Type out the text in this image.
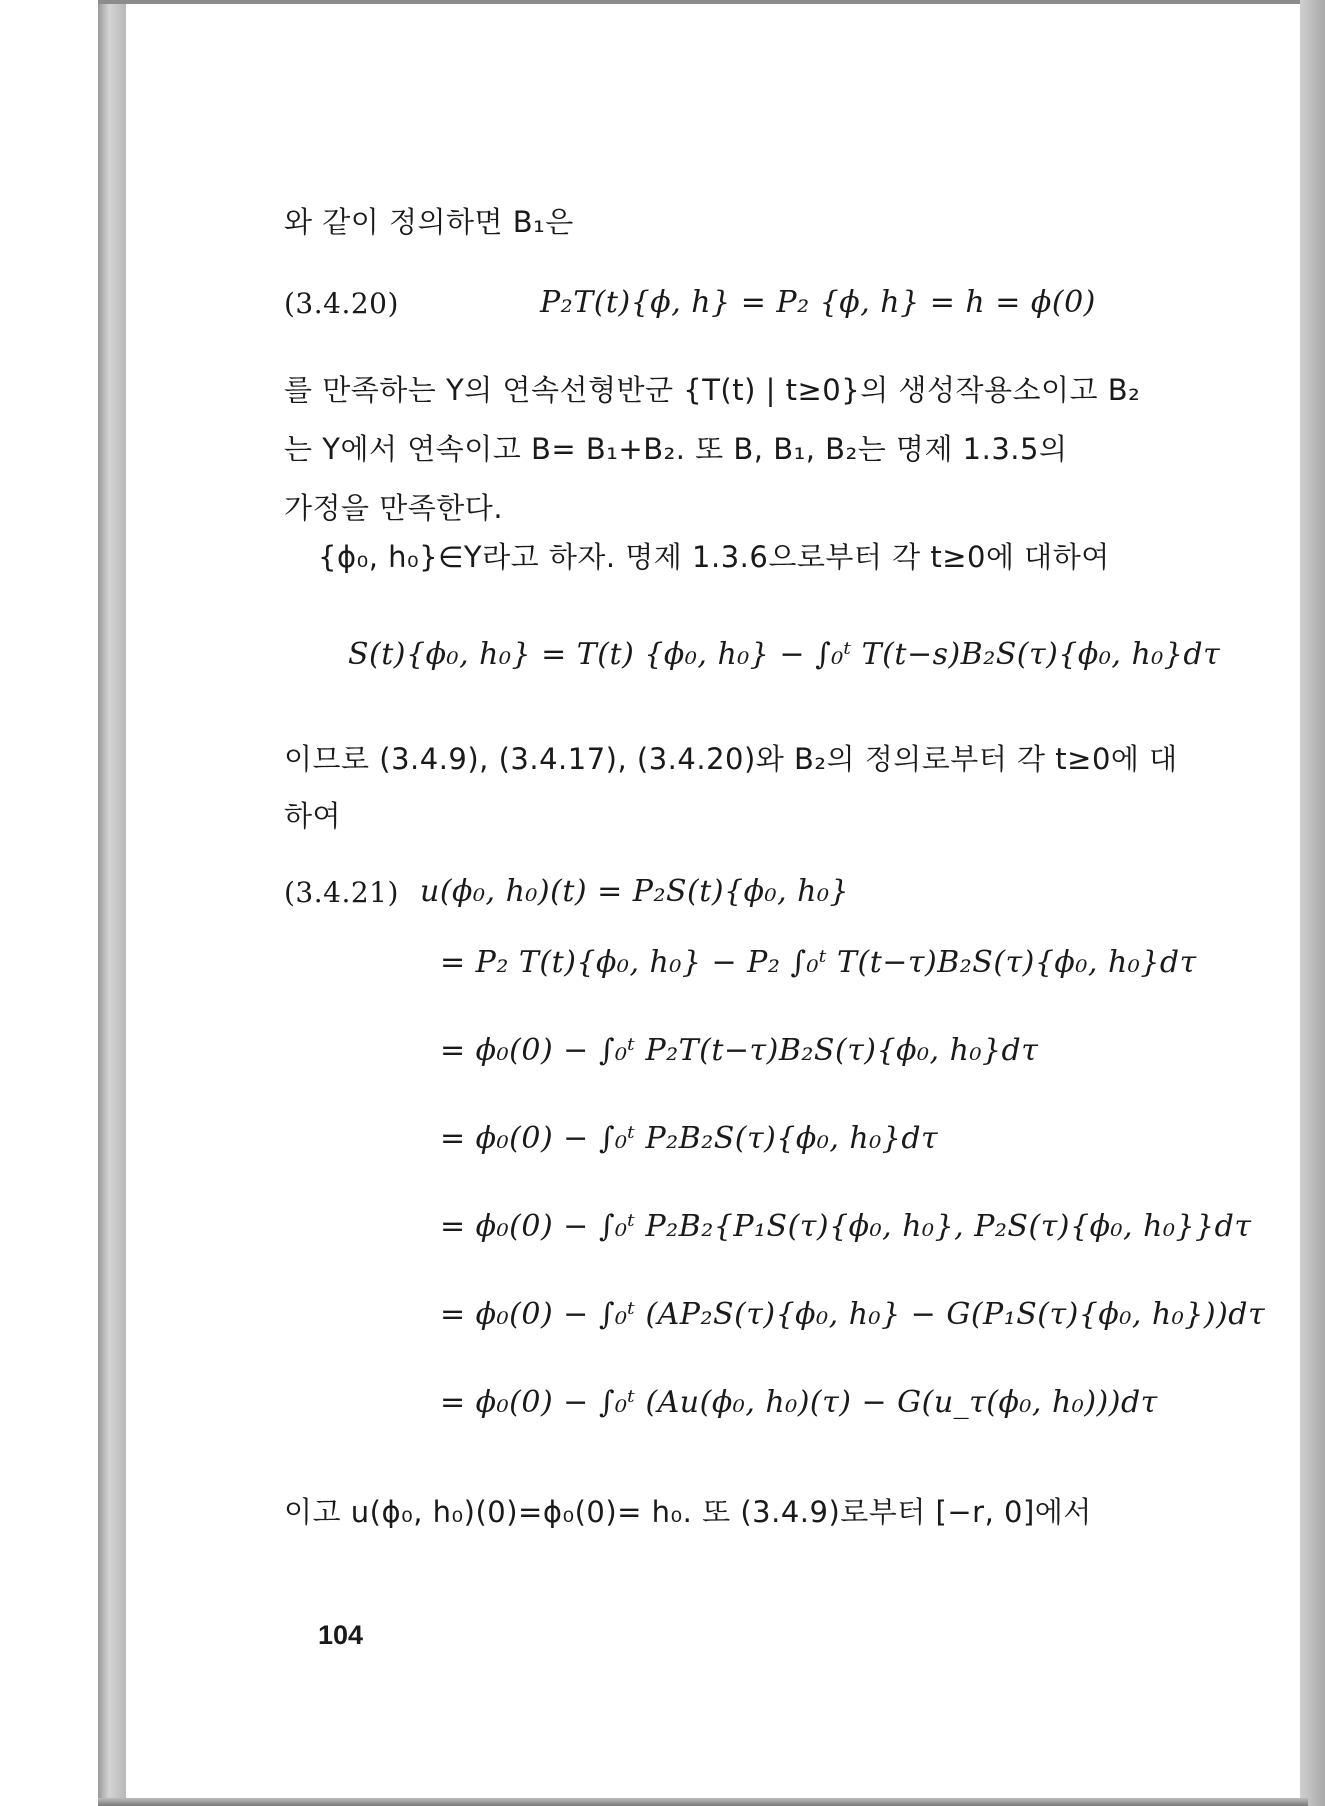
와 같이 정의하면 B₁은
(3.4.20)	P₂T(t){ϕ, h} = P₂ {ϕ, h} = h = ϕ(0)
를 만족하는 Y의 연속선형반군 {T(t) | t≥0}의 생성작용소이고 B₂
는 Y에서 연속이고 B= B₁+B₂. 또 B, B₁, B₂는 명제 1.3.5의
가정을 만족한다.
{ϕ₀, h₀}∈Y라고 하자. 명제 1.3.6으로부터 각 t≥0에 대하여
S(t){ϕ₀, h₀} = T(t) {ϕ₀, h₀} − ∫₀ᵗ T(t−s)B₂S(τ){ϕ₀, h₀}dτ
이므로 (3.4.9), (3.4.17), (3.4.20)와 B₂의 정의로부터 각 t≥0에 대
하여
(3.4.21) u(ϕ₀, h₀)(t) = P₂S(t){ϕ₀, h₀}
= P₂ T(t){ϕ₀, h₀} − P₂ ∫₀ᵗ T(t−τ)B₂S(τ){ϕ₀, h₀}dτ
= ϕ₀(0) − ∫₀ᵗ P₂T(t−τ)B₂S(τ){ϕ₀, h₀}dτ
= ϕ₀(0) − ∫₀ᵗ P₂B₂S(τ){ϕ₀, h₀}dτ
= ϕ₀(0) − ∫₀ᵗ P₂B₂{P₁S(τ){ϕ₀, h₀}, P₂S(τ){ϕ₀, h₀}}dτ
= ϕ₀(0) − ∫₀ᵗ (AP₂S(τ){ϕ₀, h₀} − G(P₁S(τ){ϕ₀, h₀}))dτ
= ϕ₀(0) − ∫₀ᵗ (Au(ϕ₀, h₀)(τ) − G(u_τ(ϕ₀, h₀)))dτ
이고 u(ϕ₀, h₀)(0)=ϕ₀(0)= h₀. 또 (3.4.9)로부터 [−r, 0]에서
104
